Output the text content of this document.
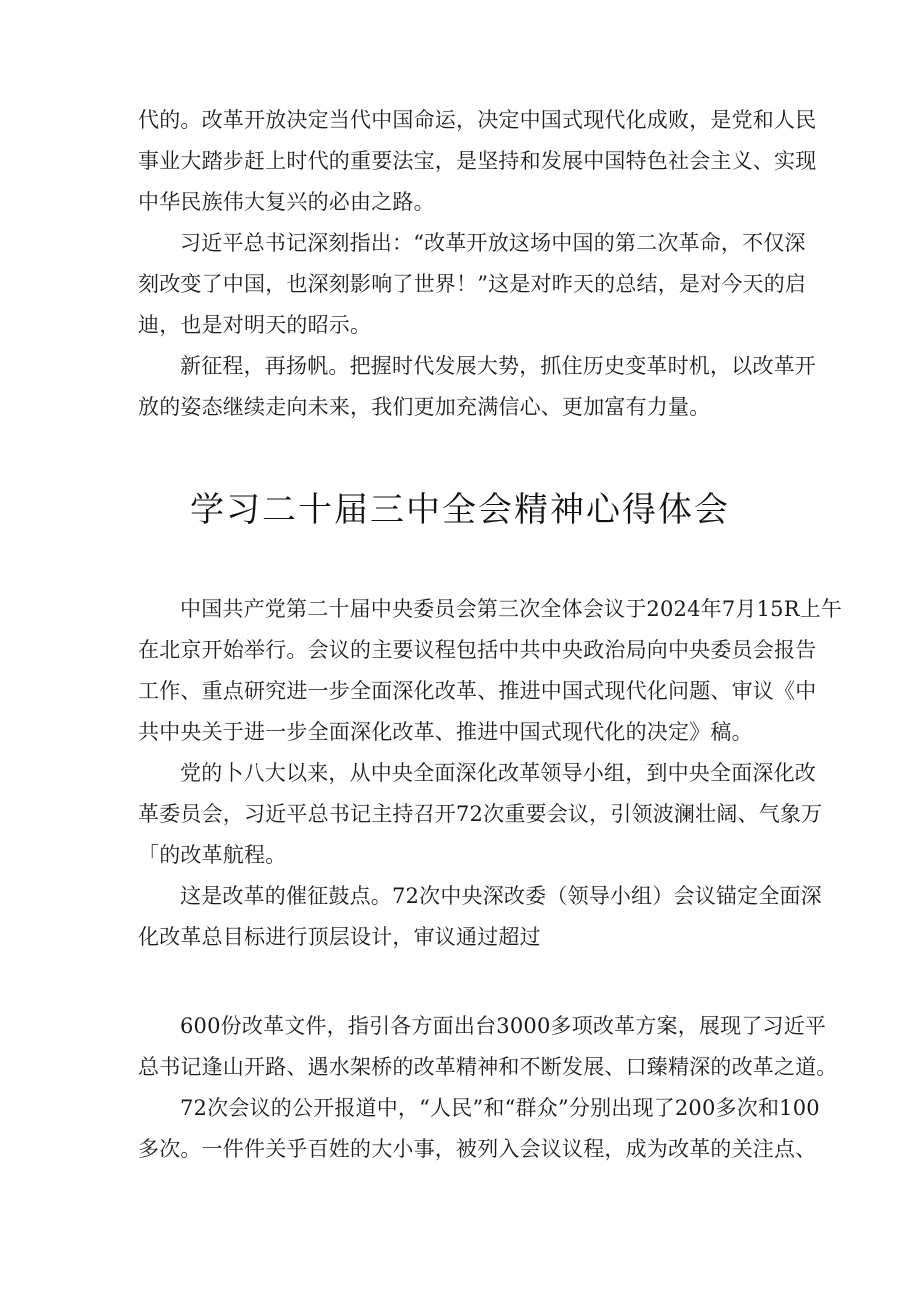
代的。改革开放决定当代中国命运，决定中国式现代化成败，是党和人民

事业大踏步赶上时代的重要法宝，是坚持和发展中国特色社会主义、实现

中华民族伟大复兴的必由之路。

习近平总书记深刻指出：“改革开放这场中国的第二次革命，不仅深

刻改变了中国，也深刻影响了世界！”这是对昨天的总结，是对今天的启

迪，也是对明天的昭示。

新征程，再扬帆。把握时代发展大势，抓住历史变革时机，以改革开

放的姿态继续走向未来，我们更加充满信心、更加富有力量。

学习二十届三中全会精神心得体会

中国共产党第二十届中央委员会第三次全体会议于2024年7月15R上午

在北京开始举行。会议的主要议程包括中共中央政治局向中央委员会报告

工作、重点研究进一步全面深化改革、推进中国式现代化问题、审议《中

共中央关于进一步全面深化改革、推进中国式现代化的决定》稿。

党的卜八大以来，从中央全面深化改革领导小组，到中央全面深化改

革委员会，习近平总书记主持召开72次重要会议，引领波澜壮阔、气象万

「的改革航程。

这是改革的催征鼓点。72次中央深改委（领导小组）会议锚定全面深

化改革总目标进行顶层设计，审议通过超过

600份改革文件，指引各方面出台3000多项改革方案，展现了习近平

总书记逢山开路、遇水架桥的改革精神和不断发展、口臻精深的改革之道。

72次会议的公开报道中，“人民”和“群众”分别出现了200多次和100

多次。一件件关乎百姓的大小事，被列入会议议程，成为改革的关注点、
